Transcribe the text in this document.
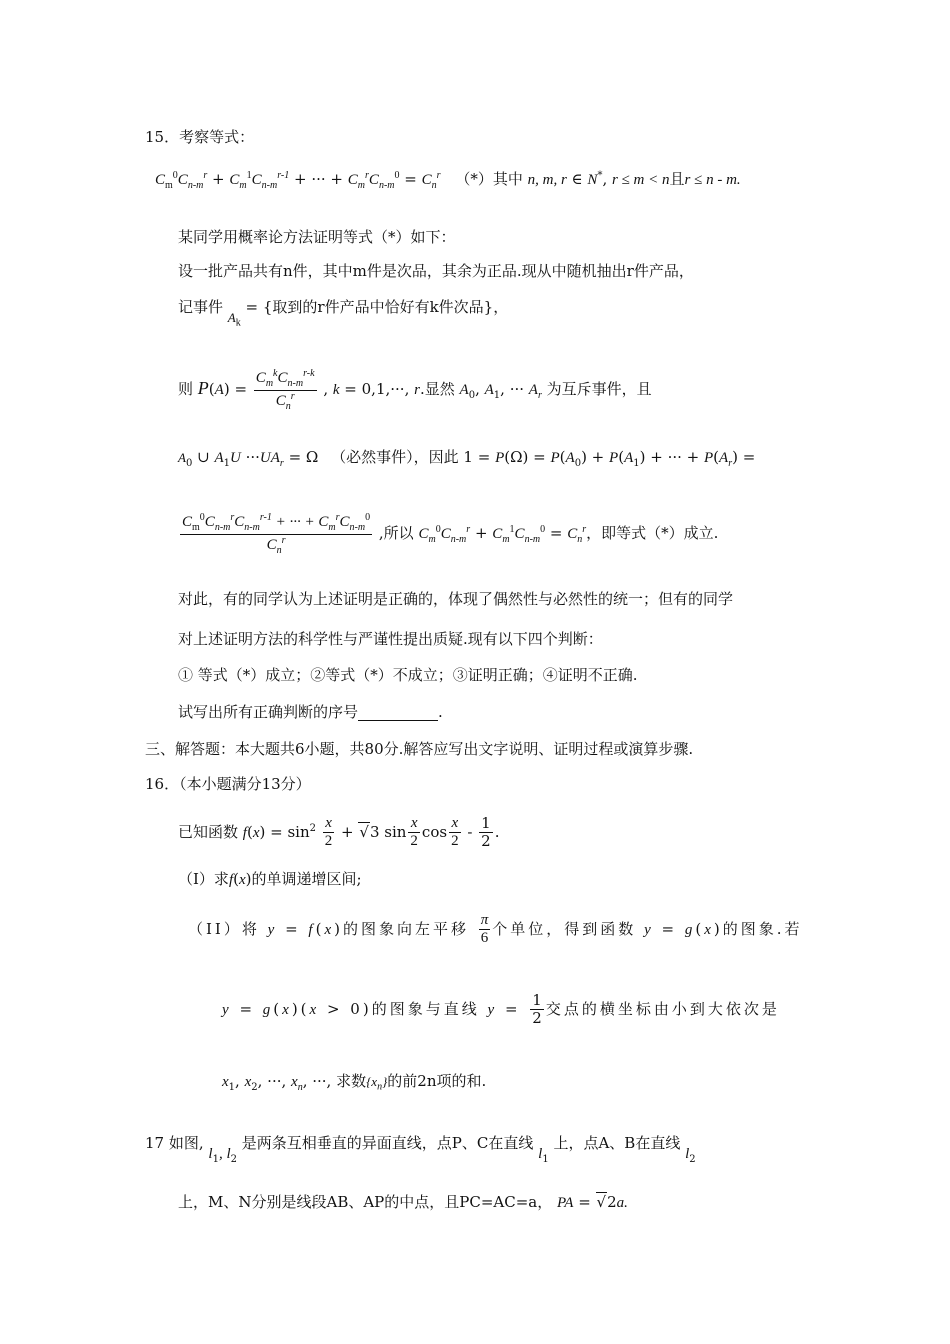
15．考察等式：
$C_m^0C_{n-m}^r + C_m^1C_{n-m}^{r-1}$ + ··· + $C_m^rC_{n-m}^0 = C_n^r$ （*）其中 n, m, r ∈ N*, r ≤ m < n且r ≤ n - m.
某同学用概率论方法证明等式（*）如下：
设一批产品共有n件，其中m件是次品，其余为正品.现从中随机抽出r件产品，
记事件 $A_k$ = {取到的r件产品中恰好有k件次品}，
则 $P(A) = \frac{C_m^kC_{n-m}^{r-k}}{C_n^r}$ , k = 0,1,···, r.显然 $A_0$, $A_1$, ··· $A_r$ 为互斥事件，且
$A_0$ ∪ $A_1U \cdot\cdot\cdot UA_r = \Omega$ （必然事件），因此 $1 = P(\Omega) = P(A_0) + P(A_1)$ + ··· + $P(A_r)$ =
$\frac{C_m^0C_{n-m}^rC_{n-m}^{r-1} + \cdot\cdot\cdot + C_m^rC_{n-m}^0}{C_n^r}$ ,所以 $C_m^0C_{n-m}^r + C_m^1C_{n-m}^0 = C_n^r$，即等式（*）成立.
对此，有的同学认为上述证明是正确的，体现了偶然性与必然性的统一；但有的同学
对上述证明方法的科学性与严谨性提出质疑.现有以下四个判断：
① 等式（*）成立；②等式（*）不成立；③证明正确；④证明不正确.
试写出所有正确判断的序号	.
三、解答题：本大题共6小题，共80分.解答应写出文字说明、证明过程或演算步骤.
16．（本小题满分13分）
已知函数 $f(x) = \sin^2 \frac{x}{2} + √3$ $\sin \frac{x}{2}$ $\cos \frac{x}{2} - \frac{1}{2}$ .
（I）求f(x)的单调递增区间;
（II）将 y = f(x)的图象向左平移 $\frac{\pi}{6}$ 个单位，得到函数 y = g(x)的图象.若
y = g(x)(x > 0)的图象与直线 $y = \frac{1}{2}$ 交点的横坐标由小到大依次是
$x_1$, $x_2$, ···, $x_n$, ···, 求数$\{x_n\}$的前2n项的和.
17 如图, $l_1$, $l_2$ 是两条互相垂直的异面直线，点P、C在直线 $l_1$ 上，点A、B在直线 $l_2$
上，M、N分别是线段AB、AP的中点，且PC=AC=a， PA = √2a.
